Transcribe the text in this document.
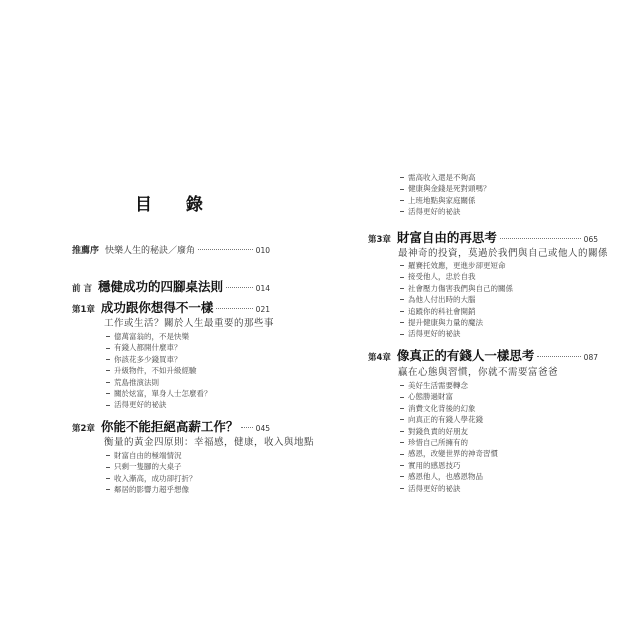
目 錄
推薦序 快樂人生的秘訣／廢角	010
前 言 穩健成功的四腳桌法則	014
第1章 成功跟你想得不一樣	021
工作或生活？關於人生最重要的那些事
億萬富翁的，不是快樂
有錢人都開什麼車？
你該花多少錢買車？
升級物件，不如升級經驗
荒島推演法則
關於炫富，單身人士怎麼看？
活得更好的祕訣
第2章 你能不能拒絕高薪工作？ 045
衡量的黃金四原則：幸福感，健康，收入與地點
財富自由的極端情況
只剩一隻腳的大桌子
收入漸高，成功卻打折？
鄰居的影響力超乎想像
需高收入還是不夠高
健康與金錢是死對頭嗎？
上班地點與家庭關係
活得更好的祕訣
第3章 財富自由的再思考	065
最神奇的投資，莫過於我們與自己或他人的關係
羅賽托效應，更進步卻更短命
接受他人，忠於自我
社會壓力傷害我們與自己的關係
為他人付出時的大腦
追蹤你的科社會開銷
提升健康與力量的魔法
活得更好的祕訣
第4章 像真正的有錢人一樣思考	087
贏在心態與習慣，你就不需要富爸爸
美好生活需要轉念
心態勝過財富
消費文化背後的幻象
向真正的有錢人學花錢
對錢負責的好朋友
珍惜自己所擁有的
感恩，改變世界的神奇習慣
實用的感恩技巧
感恩他人，也感恩物品
活得更好的祕訣
